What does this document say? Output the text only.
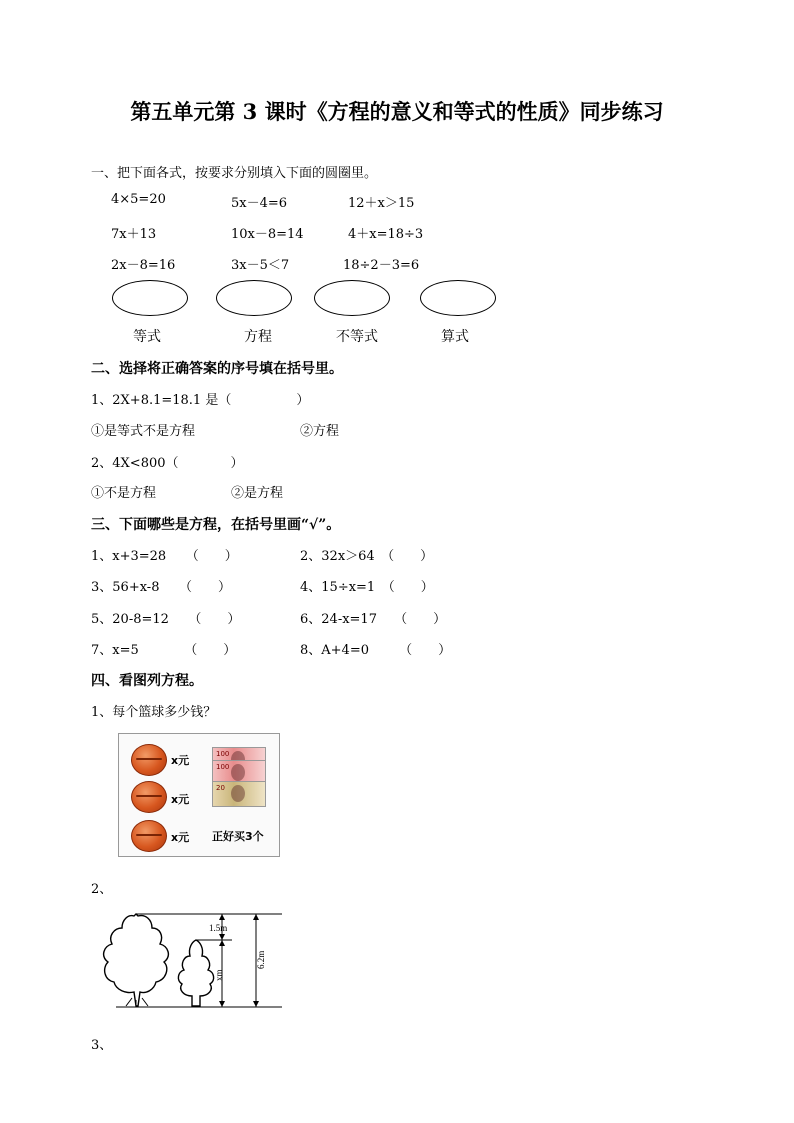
第五单元第 3 课时《方程的意义和等式的性质》同步练习
一、把下面各式，按要求分别填入下面的圆圈里。
4×5=20	5x－4=6	12＋x＞15
7x＋13	10x－8=14	4＋x=18÷3
2x－8=16	3x－5＜7	18÷2－3=6
等式	方程	不等式	算式
二、选择将正确答案的序号填在括号里。
1、2X+8.1=18.1 是（　　　　　）
①是等式不是方程	②方程
2、4X<800（　　　　）
①不是方程	②是方程
三、下面哪些是方程，在括号里画“√”。
1、x+3=28　　（　　）	2、32x＞64　（　　）
3、56+x-8　　（　　）	4、15÷x=1　（　　）
5、20-8=12　　（　　）	6、24-x=17　 （　　）
7、x=5　　　　（　　）	8、A+4=0　　 （　　）
四、看图列方程。
1、每个篮球多少钱？
x元	100
100
x元
20
x元 正好买3个
2、
1.5m
xm
6.2m
3、
